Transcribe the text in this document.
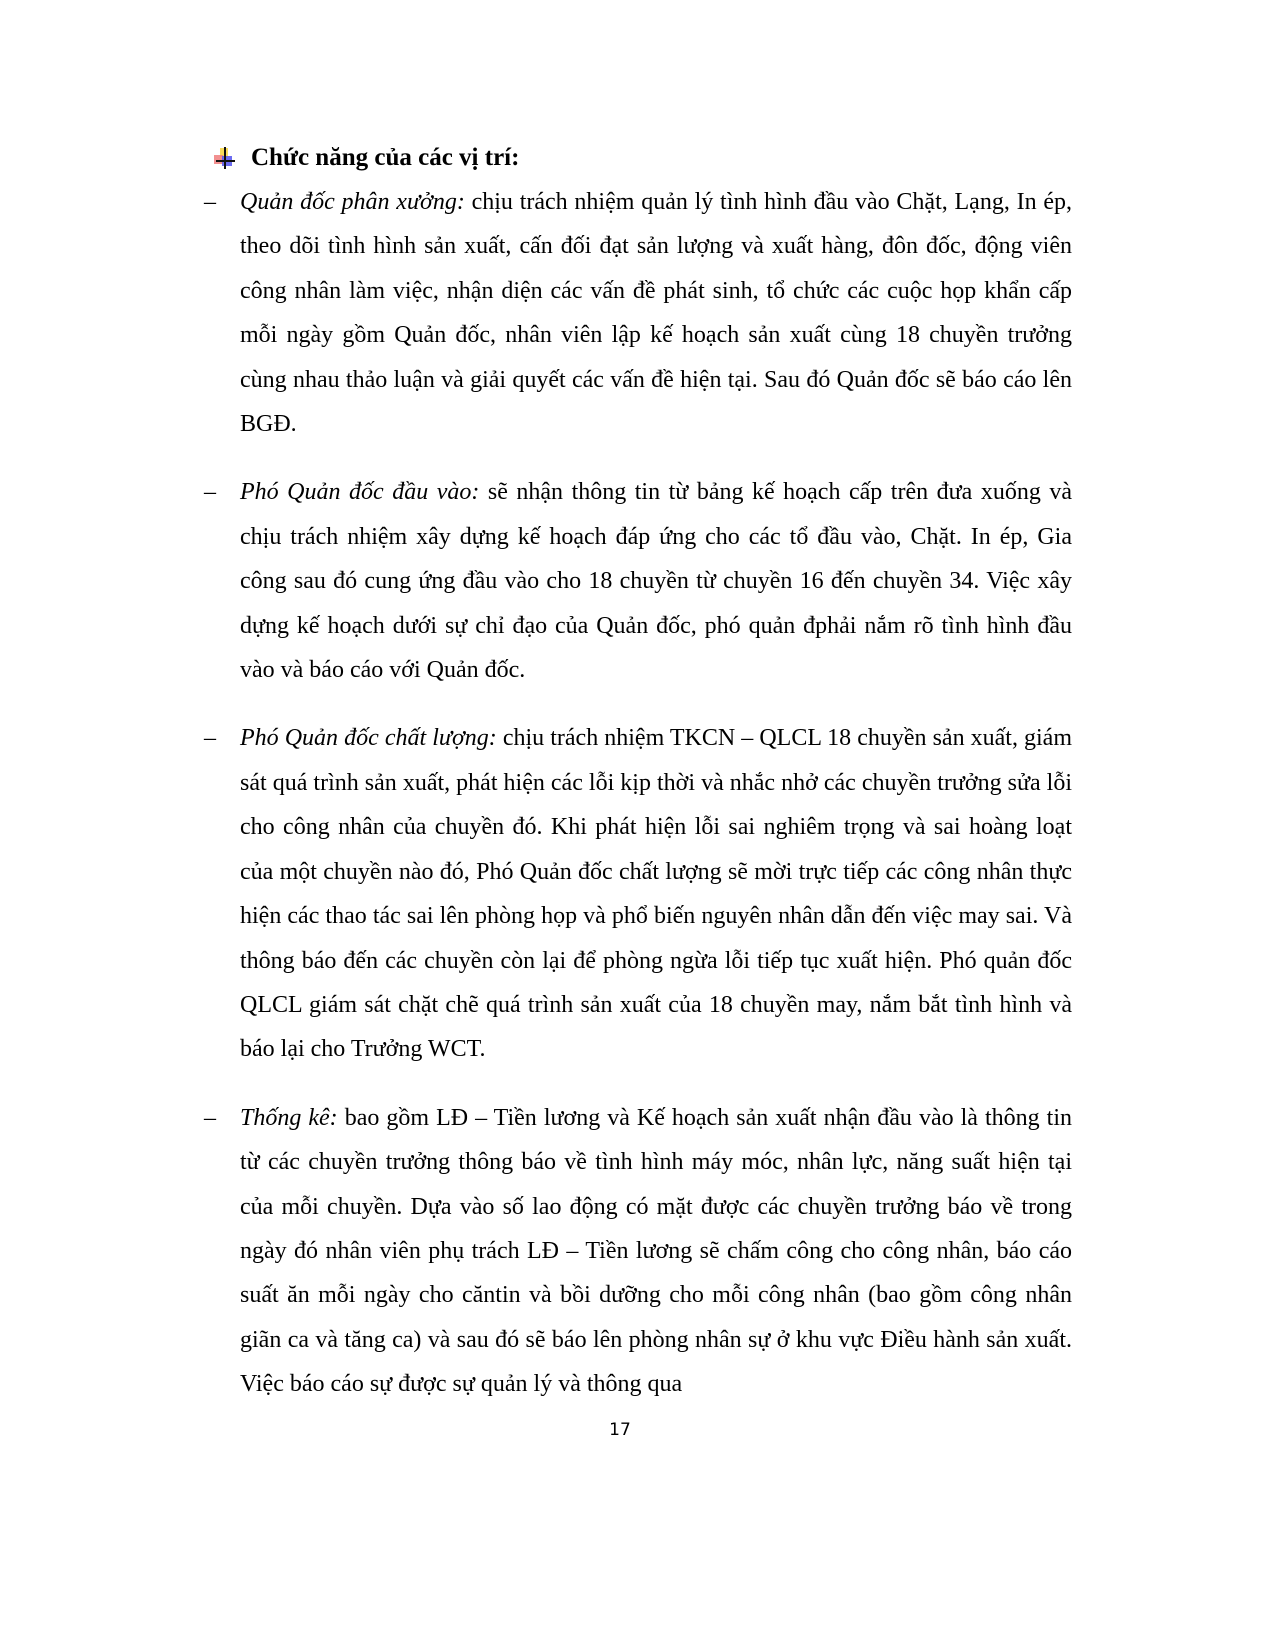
Chức năng của các vị trí:

– Quản đốc phân xưởng: chịu trách nhiệm quản lý tình hình đầu vào Chặt, Lạng, In ép, theo dõi tình hình sản xuất, cấn đối đạt sản lượng và xuất hàng, đôn đốc, động viên công nhân làm việc, nhận diện các vấn đề phát sinh, tổ chức các cuộc họp khẩn cấp mỗi ngày gồm Quản đốc, nhân viên lập kế hoạch sản xuất cùng 18 chuyền trưởng cùng nhau thảo luận và giải quyết các vấn đề hiện tại. Sau đó Quản đốc sẽ báo cáo lên BGĐ.

– Phó Quản đốc đầu vào: sẽ nhận thông tin từ bảng kế hoạch cấp trên đưa xuống và chịu trách nhiệm xây dựng kế hoạch đáp ứng cho các tổ đầu vào, Chặt. In ép, Gia công sau đó cung ứng đầu vào cho 18 chuyền từ chuyền 16 đến chuyền 34. Việc xây dựng kế hoạch dưới sự chỉ đạo của Quản đốc, phó quản đphải nắm rõ tình hình đầu vào và báo cáo với Quản đốc.

– Phó Quản đốc chất lượng: chịu trách nhiệm TKCN – QLCL 18 chuyền sản xuất, giám sát quá trình sản xuất, phát hiện các lỗi kịp thời và nhắc nhở các chuyền trưởng sửa lỗi cho công nhân của chuyền đó. Khi phát hiện lỗi sai nghiêm trọng và sai hoàng loạt của một chuyền nào đó, Phó Quản đốc chất lượng sẽ mời trực tiếp các công nhân thực hiện các thao tác sai lên phòng họp và phổ biến nguyên nhân dẫn đến việc may sai. Và thông báo đến các chuyền còn lại để phòng ngừa lỗi tiếp tục xuất hiện. Phó quản đốc QLCL giám sát chặt chẽ quá trình sản xuất của 18 chuyền may, nắm bắt tình hình và báo lại cho Trưởng WCT.

– Thống kê: bao gồm LĐ – Tiền lương và Kế hoạch sản xuất nhận đầu vào là thông tin từ các chuyền trưởng thông báo về tình hình máy móc, nhân lực, năng suất hiện tại của mỗi chuyền. Dựa vào số lao động có mặt được các chuyền trưởng báo về trong ngày đó nhân viên phụ trách LĐ – Tiền lương sẽ chấm công cho công nhân, báo cáo suất ăn mỗi ngày cho căntin và bồi dưỡng cho mỗi công nhân (bao gồm công nhân giãn ca và tăng ca) và sau đó sẽ báo lên phòng nhân sự ở khu vực Điều hành sản xuất. Việc báo cáo sự được sự quản lý và thông qua

17
